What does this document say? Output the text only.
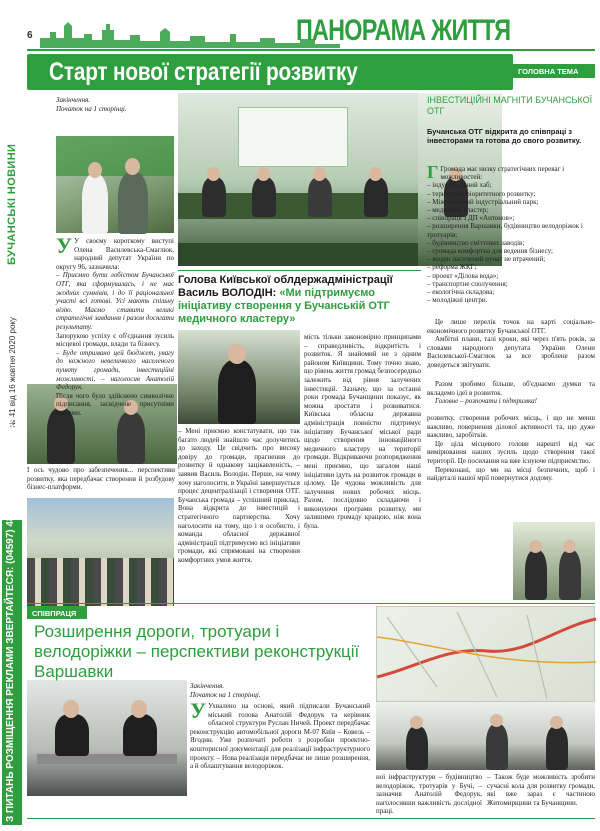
БУЧАНСЬКІ НОВИНИ
№ 41 від 16 жовтня 2020 року
З ПИТАНЬ РОЗМІЩЕННЯ РЕКЛАМИ ЗВЕРТАЙТЕСЯ: (04597) 48-305; (098) 468-14-96.
6	ПАНОРАМА ЖИТТЯ
Старт нової стратегії розвитку	ГОЛОВНА ТЕМА
Закінчення.
Початок на 1 сторінці.
У У своєму короткому виступі Олена Василевська-Смаглюк, народний депутат України по округу 96, зазначила:
– Приємно бути лобістом Бучанської ОТГ, яка сформувалась, і не має жодних сумнівів, і до її раціональної участі всі готові. Усі мають спільну візію. Маємо ставити великі стратегічні завдання і разом досягати результату.
Запорукою успіху є об'єднання зусиль місцевої громади, влади та бізнесу.
– Буде отримано цей бюджет, увагу до кожного невеличкого населеного пункту громади, інвестиційні можливості, – наголосив Анатолій Федорук.
Після чого було здійснено символічне підписання, засвідчене присутніми гостями.
І ось чудово про забезпечення... перспективи розвитку, яка передбачає створення й розбудову бізнес-платформи.
ІНВЕСТИЦІЙНІ МАГНІТИ БУЧАНСЬКОЇ ОТГ
Бучанська ОТГ відкрита до співпраці з інвесторами та готова до свого розвитку.

Г Громада має низку стратегічних переваг і можливостей:

– індустріальний хаб;

– територія пріоритетного розвитку;

– Міжнародний індустріальний парк;

– медичний кластер;

– співпраця з ДП «Антонов»;

– розширення Варшавки, будівництво велодоріжок і тротуарів;

– будівництво сміттєвих заводів;

– громада комфортна для ведення бізнесу;

– жоден населений пункт не втрачений;

– реформа ЖКГ;

– проект «Ділова вода»;

– транспортне сполучення;

– екологічна складова;

– молодіжні центри.

Це лише перелік точок на карті соціально-економічного розвитку Бучанської ОТГ.
Амбітні плани, талі кроки, які через п'ять років, за словами народного депутата України Олени Василевської-Смаглюк за все зроблене разом доведеться звітувати.
Разом зробимо більше, об'єднаємо думки та вкладемо ідеї в розвиток.
Головне – розпочати і підтримка!
розвитку, створення робочих місць, і що не менш важливо, повернення ділової активності та, що дуже важливо, заробітків.
Це ціла місцевого голови нарешті від час вимірювання наших зусиль щодо створення такої території. Це посилання на вже існуюче підприємство.
Переконані, що ми на місці безпечних, щоб і найдеталі нашої мрії повернутися додому.
Голова Київської облдержадміністрації
Василь ВОЛОДІН: «Ми підтримуємо ініціативу створення у Бучанській ОТГ медичного кластеру»
– Мені приємно констатувати, що так багато людей знайшло час долучитись до заходу. Це свідчить про високу довіру до громади, прагнення до розвитку й однакову зацікавленість, – заявив Василь Володін. Перше, на чому хочу наголосити, в Україні завершується процес децентралізації і створення ОТГ. Бучанська громада – успішний приклад. Вона відкрита до інвестицій і стратегічного партнерства. Хочу наголосити на тому, що і я особисто, і команда обласної державної адміністрації підтримуємо всі ініціативи громади, які спрямовані на створення комфортних умов життя.
мість тільки закономірно принципами – справедливість, відкритість і розвиток. Я знайомий не з одним районом Київщини. Тому точно знаю, що рівень життя громад безпосередньо залежить від рівня залучених інвестицій. Зазначу, що за останні роки громада Бучанщини показує, як можна зростати і розвиватися. Київська обласна державна адміністрація повністю підтримує ініціативу Бучанської міської ради щодо створення інноваційного медичного кластеру на території громади. Відкриваючи розпорядження мені приємно, що загалом наші ініціативи ідуть на розвиток громади в цілому. Це чудова можливість для залучення нових робочих місць. Разом, послідовно складаючи і виконуючи програми розвитку, ми залишимо громаду кращою, ніж вона була.
СПІВПРАЦЯ
Розширення дороги, тротуари і велодоріжки – перспективи реконструкції Варшавки
Закінчення.
Початок на 1 сторінці.
У Ухвалено на основі, який підписали Бучанський міський голова Анатолій Федорук та керівник обласної структури Руслан Ничей. Проект передбачає реконструкцію автомобільної дороги М-07 Київ – Ковель – Ягодин. Уже розпочаті роботи з розробки проектно-кошторисної документації для реалізації інфраструктурного проекту. – Нова реалізація передбачає не лише розширення, а й облаштування велодоріжок.
ної інфраструктури – будівництво велодоріжок, тротуарів у Бучі, – зазначив Анатолій Федорук, наголосивши важливість дослідної праці.
– Також буде можливість зробити сучасні кола для розвитку громади, які вже зараз є частиною Житомирщини та Бучанщини.
